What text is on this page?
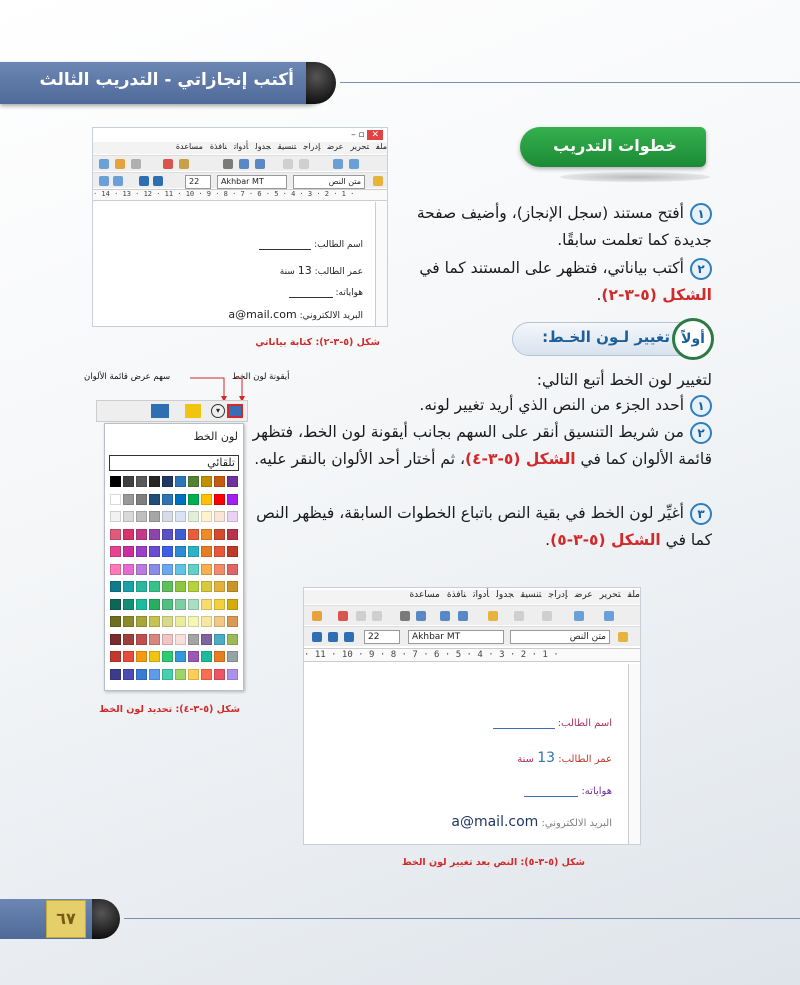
أكتب إنجازاتي - التدريب الثالث
خطوات التدريب
١أفتح مستند (سجل الإنجاز)، وأضيف صفحة جديدة كما تعلمت سابقًا.
٢أكتب بياناتي، فتظهر على المستند كما في الشكل (٥-٣-٢).
تغيير لـون الخـط: أولاً
لتغيير لون الخط أتبع التالي:
١أحدد الجزء من النص الذي أريد تغيير لونه.
٢من شريط التنسيق أنقر على السهم بجانب أيقونة لون الخط، فتظهر قائمة الألوان كما في الشكل (٥-٣-٤)، ثم أختار أحد الألوان بالنقر عليه.
٣أغيِّر لون الخط في بقية النص باتباع الخطوات السابقة، فيظهر النص كما في الشكل (٥-٣-٥).
– ▫ ✕
ملفتحريرعرضإدراجتنسيقجدولأدواتنافذةمساعدة
22	Akhbar MT	متن النص
· 14 · 13 · 12 · 11 · 10 · 9 · 8 · 7 · 6 · 5 · 4 · 3 · 2 · 1 ·
اسم الطالب:
عمر الطالب: 13 سنة
هواياته:
البريد الالكتروني: a@mail.com
شكل (٥-٣-٢): كتابة بياناتي
سهم عرض قائمة الألوان	أيقونة لون الخط
▾
لون الخط
تلقائي
شكل (٥-٣-٤): تحديد لون الخط
ملفتحريرعرضإدراجتنسيقجدولأدواتنافذةمساعدة
22	Akhbar MT	متن النص
· 11 · 10 · 9 · 8 · 7 · 6 · 5 · 4 · 3 · 2 · 1 ·
اسم الطالب:
عمر الطالب: 13 سنة
هواياته:
البريد الالكتروني: a@mail.com
شكل (٥-٣-٥): النص بعد تغيير لون الخط
٦٧
